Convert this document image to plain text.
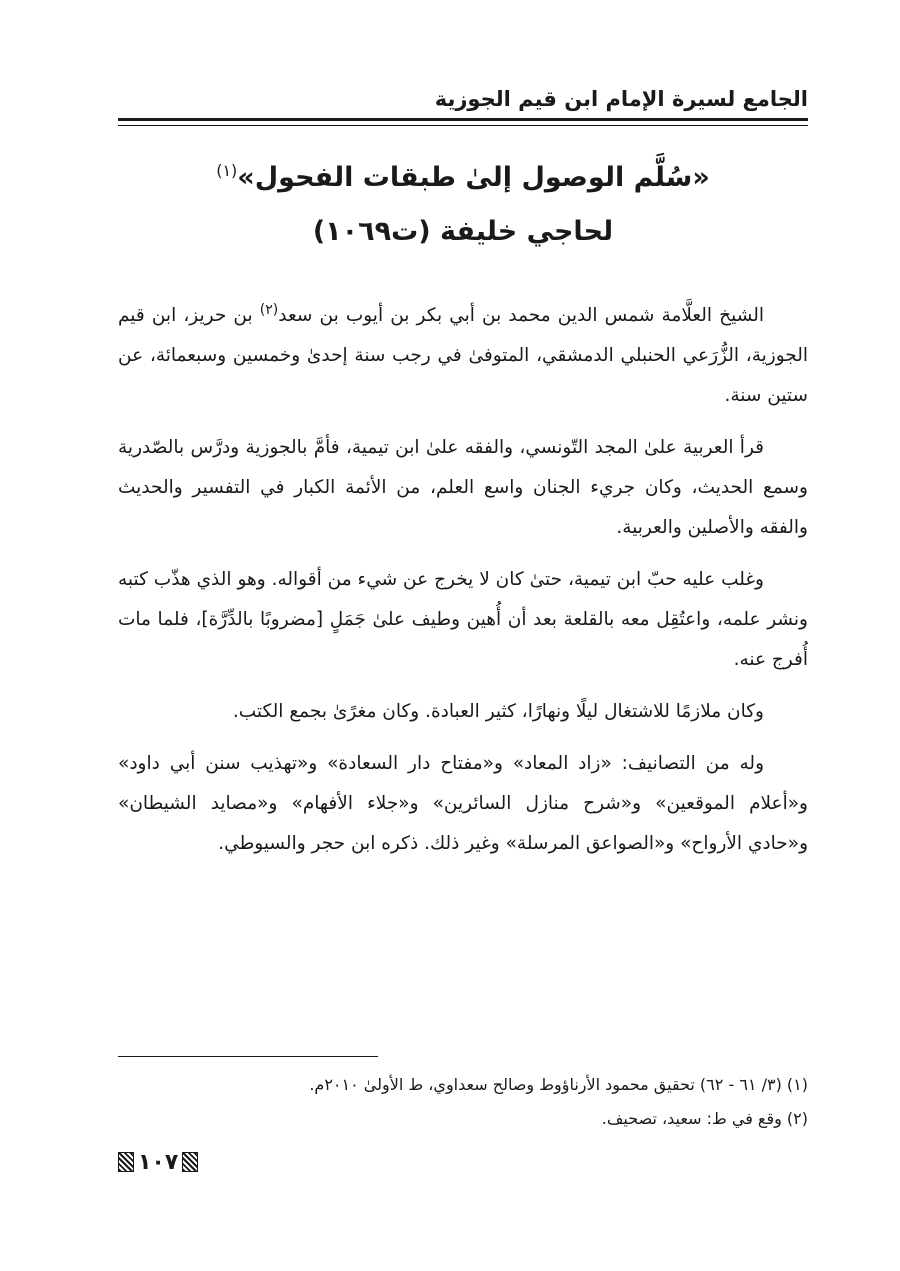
الجامع لسيرة الإمام ابن قيم الجوزية
«سُلَّم الوصول إلىٰ طبقات الفحول»$^{(١)}$
لحاجي خليفة (ت١٠٦٩)

الشيخ العلَّامة شمس الدين محمد بن أبي بكر بن أيوب بن سعد$^{(٢)}$ بن حريز، ابن قيم الجوزية، الزُّرَعي الحنبلي الدمشقي، المتوفىٰ في رجب سنة إحدىٰ وخمسين وسبعمائة، عن ستين سنة.

قرأ العربية علىٰ المجد التّونسي، والفقه علىٰ ابن تيمية، فأمَّ بالجوزية ودرَّس بالصّدرية وسمع الحديث، وكان جريء الجنان واسع العلم، من الأئمة الكبار في التفسير والحديث والفقه والأصلين والعربية.

وغلب عليه حبّ ابن تيمية، حتىٰ كان لا يخرج عن شيء من أقواله. وهو الذي هذّب كتبه ونشر علمه، واعتُقِل معه بالقلعة بعد أن أُهين وطيف علىٰ جَمَلٍ [مضروبًا بالدِّرَّة]، فلما مات أُفرج عنه.

وكان ملازمًا للاشتغال ليلًا ونهارًا، كثير العبادة. وكان مغرًىٰ بجمع الكتب.

وله من التصانيف: «زاد المعاد» و«مفتاح دار السعادة» و«تهذيب سنن أبي داود» و«أعلام الموقعين» و«شرح منازل السائرين» و«جلاء الأفهام» و«مصايد الشيطان» و«حادي الأرواح» و«الصواعق المرسلة» وغير ذلك. ذكره ابن حجر والسيوطي.

(١) (٣/ ٦١ - ٦٢) تحقيق محمود الأرناؤوط وصالح سعداوي، ط الأولىٰ ٢٠١٠م.

(٢) وقع في ط: سعيد، تصحيف.

١٠٧
